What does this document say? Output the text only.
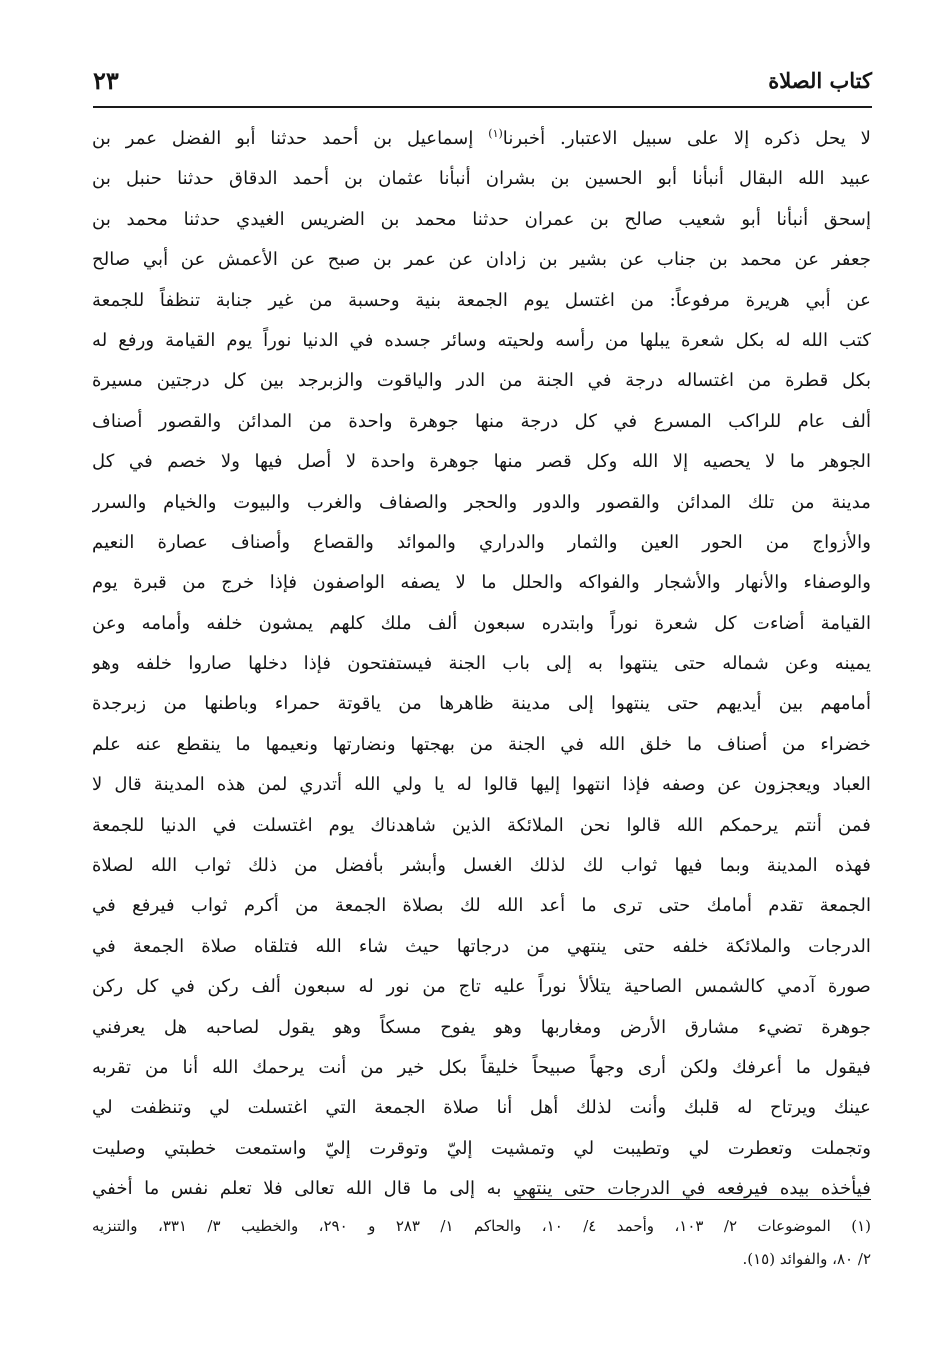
كتاب الصلاة
٢٣
لا يحل ذكره إلا على سبيل الاعتبار. أخبرنا$^{(١)}$ إسماعيل بن أحمد حدثنا أبو الفضل عمر بن
عبيد الله البقال أنبأنا أبو الحسين بن بشران أنبأنا عثمان بن أحمد الدقاق حدثنا حنبل بن
إسحق أنبأنا أبو شعيب صالح بن عمران حدثنا محمد بن الضريس الغيدي حدثنا محمد بن
جعفر عن محمد بن جناب عن بشير بن زادان عن عمر بن صبح عن الأعمش عن أبي صالح
عن أبي هريرة مرفوعاً: من اغتسل يوم الجمعة بنية وحسبة من غير جنابة تنظفاً للجمعة
كتب الله له بكل شعرة يبلها من رأسه ولحيته وسائر جسده في الدنيا نوراً يوم القيامة ورفع له
بكل قطرة من اغتساله درجة في الجنة من الدر والياقوت والزبرجد بين كل درجتين مسيرة
ألف عام للراكب المسرع في كل درجة منها جوهرة واحدة من المدائن والقصور أصناف
الجوهر ما لا يحصيه إلا الله وكل قصر منها جوهرة واحدة لا أصل فيها ولا خصم في كل
مدينة من تلك المدائن والقصور والدور والحجر والصفاف والغرب والبيوت والخيام والسرر
والأزواج من الحور العين والثمار والدراري والموائد والقصاع وأصناف عصارة النعيم
والوصفاء والأنهار والأشجار والفواكه والحلل ما لا يصفه الواصفون فإذا خرج من قبرة يوم
القيامة أضاءت كل شعرة نوراً وابتدره سبعون ألف ملك كلهم يمشون خلفه وأمامه وعن
يمينه وعن شماله حتى ينتهوا به إلى باب الجنة فيستفتحون فإذا دخلها صاروا خلفه وهو
أمامهم بين أيديهم حتى ينتهوا إلى مدينة ظاهرها من ياقوتة حمراء وباطنها من زبرجدة
خضراء من أصناف ما خلق الله في الجنة من بهجتها ونضارتها ونعيمها ما ينقطع عنه علم
العباد ويعجزون عن وصفه فإذا انتهوا إليها قالوا له يا ولي الله أتدري لمن هذه المدينة قال لا
فمن أنتم يرحمكم الله قالوا نحن الملائكة الذين شاهدناك يوم اغتسلت في الدنيا للجمعة
فهذه المدينة وبما فيها ثواب لك لذلك الغسل وأبشر بأفضل من ذلك ثواب الله لصلاة
الجمعة تقدم أمامك حتى ترى ما أعد الله لك بصلاة الجمعة من أكرم ثواب فيرفع في
الدرجات والملائكة خلفه حتى ينتهي من درجاتها حيث شاء الله فتلقاه صلاة الجمعة في
صورة آدمي كالشمس الصاحية يتلألأ نوراً عليه تاج من نور له سبعون ألف ركن في كل ركن
جوهرة تضيء مشارق الأرض ومغاربها وهو يفوح مسكاً وهو يقول لصاحبه هل يعرفني
فيقول ما أعرفك ولكن أرى وجهاً صبيحاً خليقاً بكل خير من أنت يرحمك الله أنا من تقربه
عينك ويرتاح له قلبك وأنت لذلك أهل أنا صلاة الجمعة التي اغتسلت لي وتنظفت لي
وتجملت وتعطرت لي وتطيبت لي وتمشيت إليّ وتوقرت إليّ واستمعت خطبتي وصليت
فيأخذه بيده فيرفعه في الدرجات حتى ينتهي به إلى ما قال الله تعالى فلا تعلم نفس ما أخفي
(١) الموضوعات ٢/ ١٠٣، وأحمد ٤/ ١٠، والحاكم ١/ ٢٨٣ و ٢٩٠، والخطيب ٣/ ٣٣١، والتنزيه
٢/ ٨٠، والفوائد (١٥).
